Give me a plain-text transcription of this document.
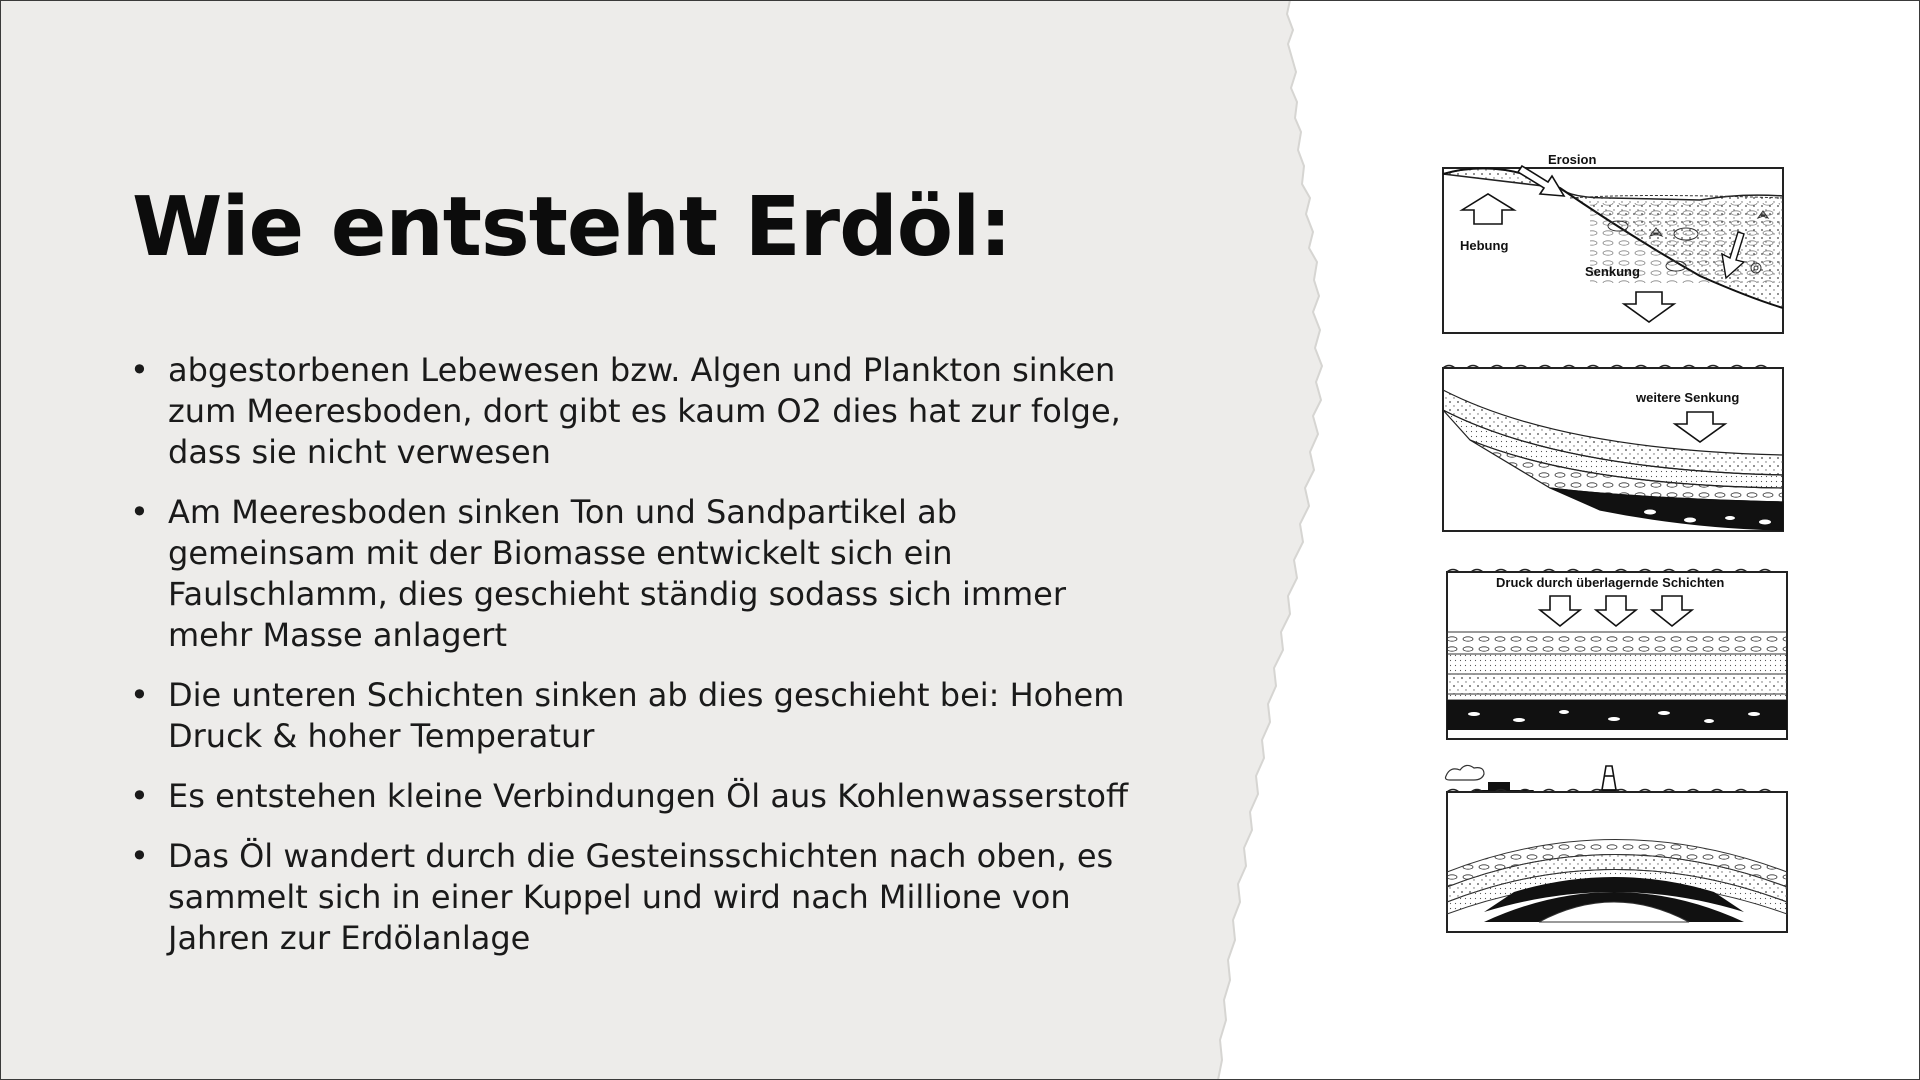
Wie entsteht Erdöl:
• abgestorbenen Lebewesen bzw. Algen und Plankton sinken zum Meeresboden, dort gibt es kaum O2 dies hat zur folge, dass sie nicht verwesen
• Am Meeresboden sinken Ton und Sandpartikel ab gemeinsam mit der Biomasse entwickelt sich ein Faulschlamm, dies geschieht ständig sodass sich immer mehr Masse anlagert
• Die unteren Schichten sinken ab dies geschieht bei: Hohem Druck & hoher Temperatur
• Es entstehen kleine Verbindungen Öl aus Kohlenwasserstoff
• Das Öl wandert durch die Gesteinsschichten nach oben, es sammelt sich in einer Kuppel und wird nach Millione von Jahren zur Erdölanlage
Erosion
Hebung
Senkung
weitere Senkung
Druck durch überlagernde Schichten
